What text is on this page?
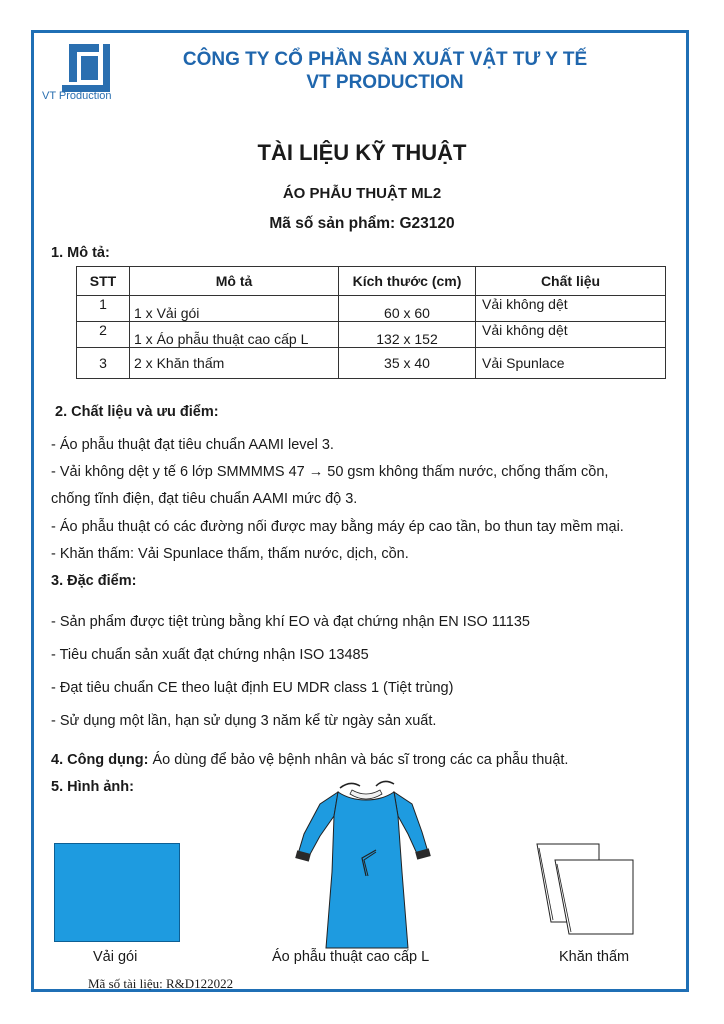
VT Production
CÔNG TY CỔ PHẦN SẢN XUẤT VẬT TƯ Y TẾ
VT PRODUCTION
TÀI LIỆU KỸ THUẬT
ÁO PHẪU THUẬT ML2
Mã số sản phẩm: G23120
1. Mô tả:
STT	Mô tả	Kích thước (cm)	Chất liệu
1	1 x Vải gói	60 x 60	Vải không dệt
2	1 x Áo phẫu thuật cao cấp L	132 x 152	Vải không dệt
3	2 x Khăn thấm	35 x 40	Vải Spunlace
2. Chất liệu và ưu điểm:
- Áo phẫu thuật đạt tiêu chuẩn AAMI level 3.
- Vải không dệt y tế 6 lớp SMMMMS 47 → 50 gsm không thấm nước, chống thấm cồn,
chống tĩnh điện, đạt tiêu chuẩn AAMI mức độ 3.
- Áo phẫu thuật có các đường nối được may bằng máy ép cao tần, bo thun tay mềm mại.
- Khăn thấm: Vải Spunlace thấm, thấm nước, dịch, cồn.
3. Đặc điểm:
- Sản phẩm được tiệt trùng bằng khí EO và đạt chứng nhận EN ISO 11135
- Tiêu chuẩn sản xuất đạt chứng nhận ISO 13485
- Đạt tiêu chuẩn CE theo luật định EU MDR class 1 (Tiệt trùng)
- Sử dụng một lần, hạn sử dụng 3 năm kể từ ngày sản xuất.
4. Công dụng: Áo dùng để bảo vệ bệnh nhân và bác sĩ trong các ca phẫu thuật.
5. Hình ảnh:
Vải gói	Áo phẫu thuật cao cấp L	Khăn thấm
Mã số tài liệu: R&D122022
